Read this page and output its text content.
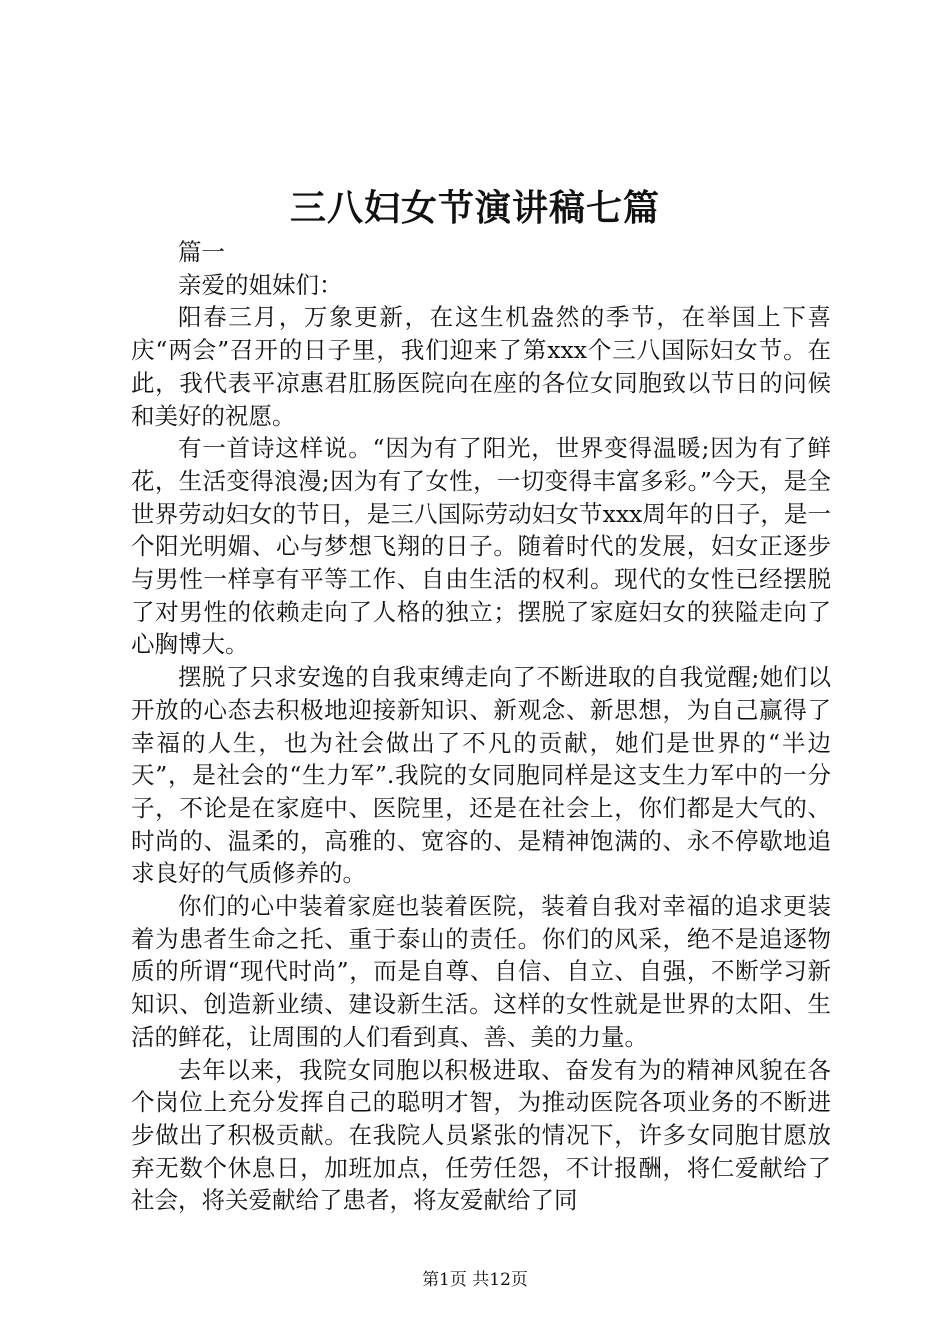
三八妇女节演讲稿七篇

篇一

亲爱的姐妹们：

阳春三月，万象更新，在这生机盎然的季节，在举国上下喜庆“两会”召开的日子里，我们迎来了第xxx个三八国际妇女节。在此，我代表平凉惠君肛肠医院向在座的各位女同胞致以节日的问候和美好的祝愿。

有一首诗这样说。“因为有了阳光，世界变得温暖;因为有了鲜花，生活变得浪漫;因为有了女性，一切变得丰富多彩。”今天，是全世界劳动妇女的节日，是三八国际劳动妇女节xxx周年的日子，是一个阳光明媚、心与梦想飞翔的日子。随着时代的发展，妇女正逐步与男性一样享有平等工作、自由生活的权利。现代的女性已经摆脱了对男性的依赖走向了人格的独立；摆脱了家庭妇女的狭隘走向了心胸博大。

摆脱了只求安逸的自我束缚走向了不断进取的自我觉醒;她们以开放的心态去积极地迎接新知识、新观念、新思想，为自己赢得了幸福的人生，也为社会做出了不凡的贡献，她们是世界的“半边天”，是社会的“生力军”.我院的女同胞同样是这支生力军中的一分子，不论是在家庭中、医院里，还是在社会上，你们都是大气的、时尚的、温柔的，高雅的、宽容的、是精神饱满的、永不停歇地追求良好的气质修养的。

你们的心中装着家庭也装着医院，装着自我对幸福的追求更装着为患者生命之托、重于泰山的责任。你们的风采，绝不是追逐物质的所谓“现代时尚”，而是自尊、自信、自立、自强，不断学习新知识、创造新业绩、建设新生活。这样的女性就是世界的太阳、生活的鲜花，让周围的人们看到真、善、美的力量。

去年以来，我院女同胞以积极进取、奋发有为的精神风貌在各个岗位上充分发挥自己的聪明才智，为推动医院各项业务的不断进步做出了积极贡献。在我院人员紧张的情况下，许多女同胞甘愿放弃无数个休息日，加班加点，任劳任怨，不计报酬，将仁爱献给了社会，将关爱献给了患者，将友爱献给了同

第1页 共12页
